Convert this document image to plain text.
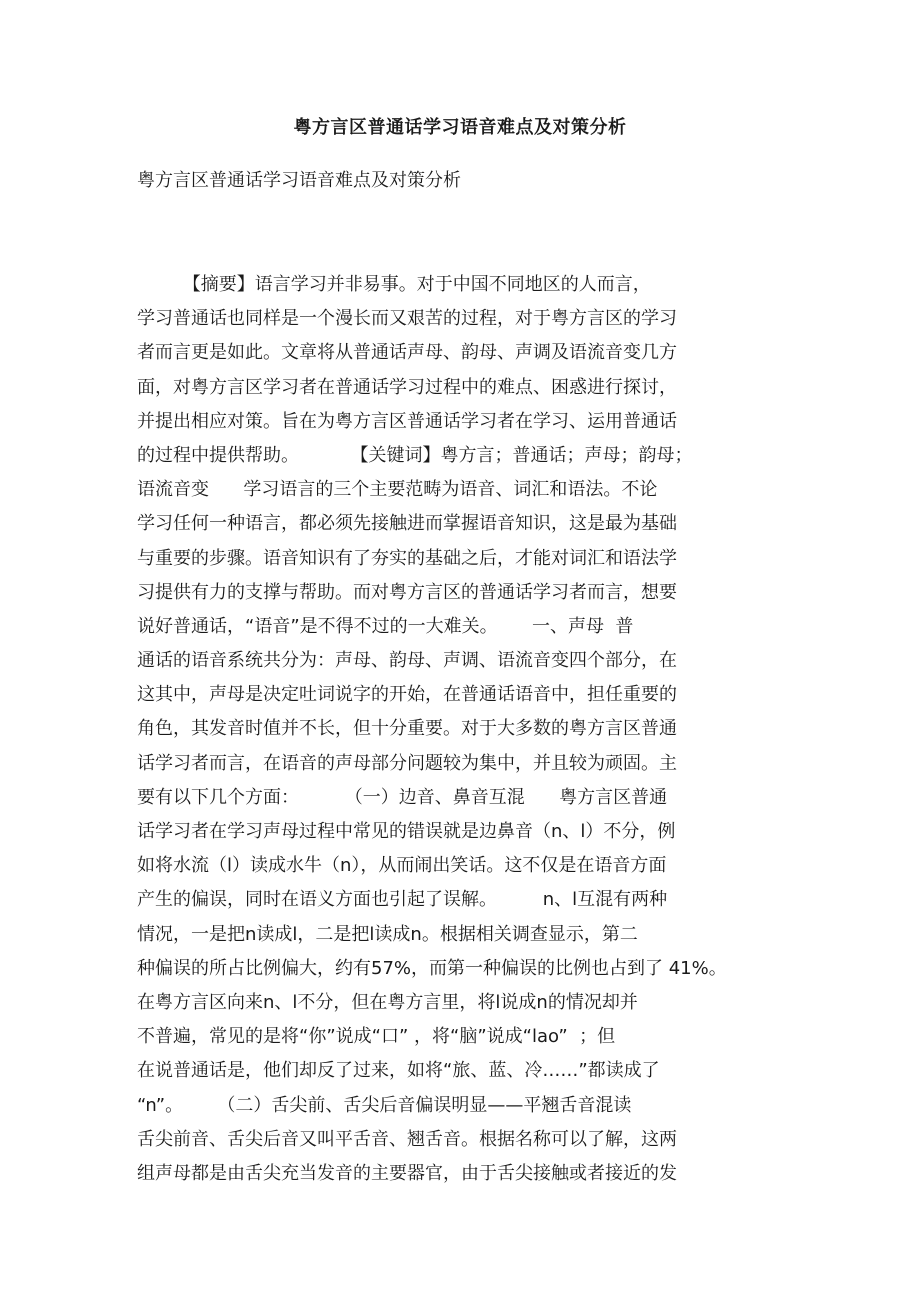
粤方言区普通话学习语音难点及对策分析
粤方言区普通话学习语音难点及对策分析
【摘要】语言学习并非易事。对于中国不同地区的人而言，
学习普通话也同样是一个漫长而又艰苦的过程，对于粤方言区的学习
者而言更是如此。文章将从普通话声母、韵母、声调及语流音变几方
面，对粤方言区学习者在普通话学习过程中的难点、困惑进行探讨，
并提出相应对策。旨在为粤方言区普通话学习者在学习、运用普通话
的过程中提供帮助。         【关键词】粤方言；普通话；声母；韵母；
语流音变      学习语言的三个主要范畴为语音、词汇和语法。不论
学习任何一种语言，都必须先接触进而掌握语音知识，这是最为基础
与重要的步骤。语音知识有了夯实的基础之后，才能对词汇和语法学
习提供有力的支撑与帮助。而对粤方言区的普通话学习者而言，想要
说好普通话，“语音”是不得不过的一大难关。      一、声母  普
通话的语音系统共分为：声母、韵母、声调、语流音变四个部分，在
这其中，声母是决定吐词说字的开始，在普通话语音中，担任重要的
角色，其发音时值并不长，但十分重要。对于大多数的粤方言区普通
话学习者而言，在语音的声母部分问题较为集中，并且较为顽固。主
要有以下几个方面：        （一）边音、鼻音互混      粤方言区普通
话学习者在学习声母过程中常见的错误就是边鼻音（n、l）不分，例
如将水流（l）读成水牛（n），从而闹出笑话。这不仅是在语音方面
产生的偏误，同时在语义方面也引起了误解。        n、l互混有两种
情况，一是把n读成l，二是把l读成n。根据相关调查显示，第二
种偏误的所占比例偏大，约有57%，而第一种偏误的比例也占到了 41%。
在粤方言区向来n、l不分，但在粤方言里，将l说成n的情况却并
不普遍，常见的是将“你”说成“口” ，将“脑”说成“lao”  ；但
在说普通话是，他们却反了过来，如将“旅、蓝、冷……”都读成了
“n”。      （二）舌尖前、舌尖后音偏误明显——平翘舌音混读
舌尖前音、舌尖后音又叫平舌音、翘舌音。根据名称可以了解，这两
组声母都是由舌尖充当发音的主要器官，由于舌尖接触或者接近的发
